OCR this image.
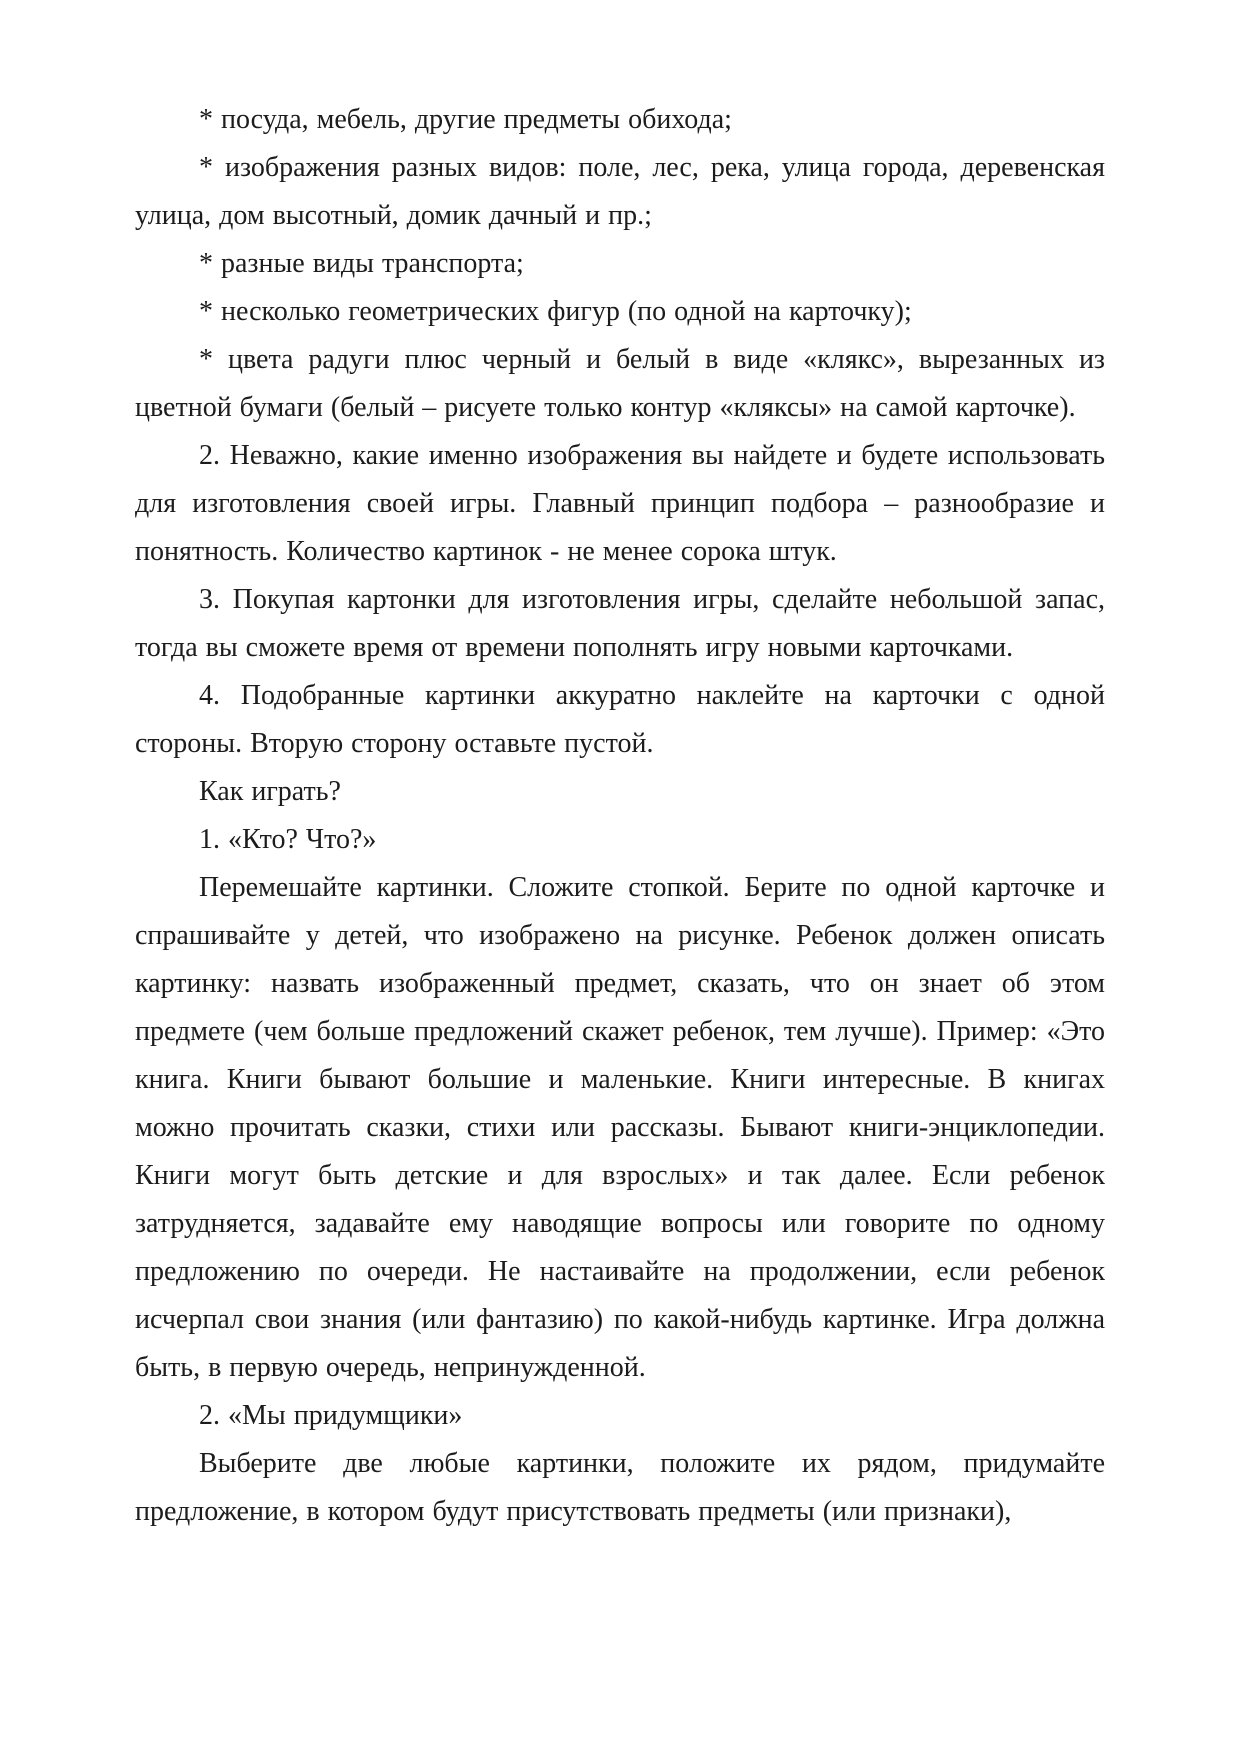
* посуда, мебель, другие предметы обихода;

* изображения разных видов: поле, лес, река, улица города, деревенская улица, дом высотный, домик дачный и пр.;

* разные виды транспорта;

* несколько геометрических фигур (по одной на карточку);

* цвета радуги плюс черный и белый в виде «клякс», вырезанных из цветной бумаги (белый – рисуете только контур «кляксы» на самой карточке).

2. Неважно, какие именно изображения вы найдете и будете использовать для изготовления своей игры. Главный принцип подбора – разнообразие и понятность. Количество картинок - не менее сорока штук.

3. Покупая картонки для изготовления игры, сделайте небольшой запас, тогда вы сможете время от времени пополнять игру новыми карточками.

4. Подобранные картинки аккуратно наклейте на карточки с одной стороны. Вторую сторону оставьте пустой.

Как играть?

1. «Кто? Что?»

Перемешайте картинки. Сложите стопкой. Берите по одной карточке и спрашивайте у детей, что изображено на рисунке. Ребенок должен описать картинку: назвать изображенный предмет, сказать, что он знает об этом предмете (чем больше предложений скажет ребенок, тем лучше). Пример: «Это книга. Книги бывают большие и маленькие. Книги интересные. В книгах можно прочитать сказки, стихи или рассказы. Бывают книги-энциклопедии. Книги могут быть детские и для взрослых» и так далее. Если ребенок затрудняется, задавайте ему наводящие вопросы или говорите по одному предложению по очереди. Не настаивайте на продолжении, если ребенок исчерпал свои знания (или фантазию) по какой-нибудь картинке. Игра должна быть, в первую очередь, непринужденной.

2. «Мы придумщики»

Выберите две любые картинки, положите их рядом, придумайте предложение, в котором будут присутствовать предметы (или признаки),
